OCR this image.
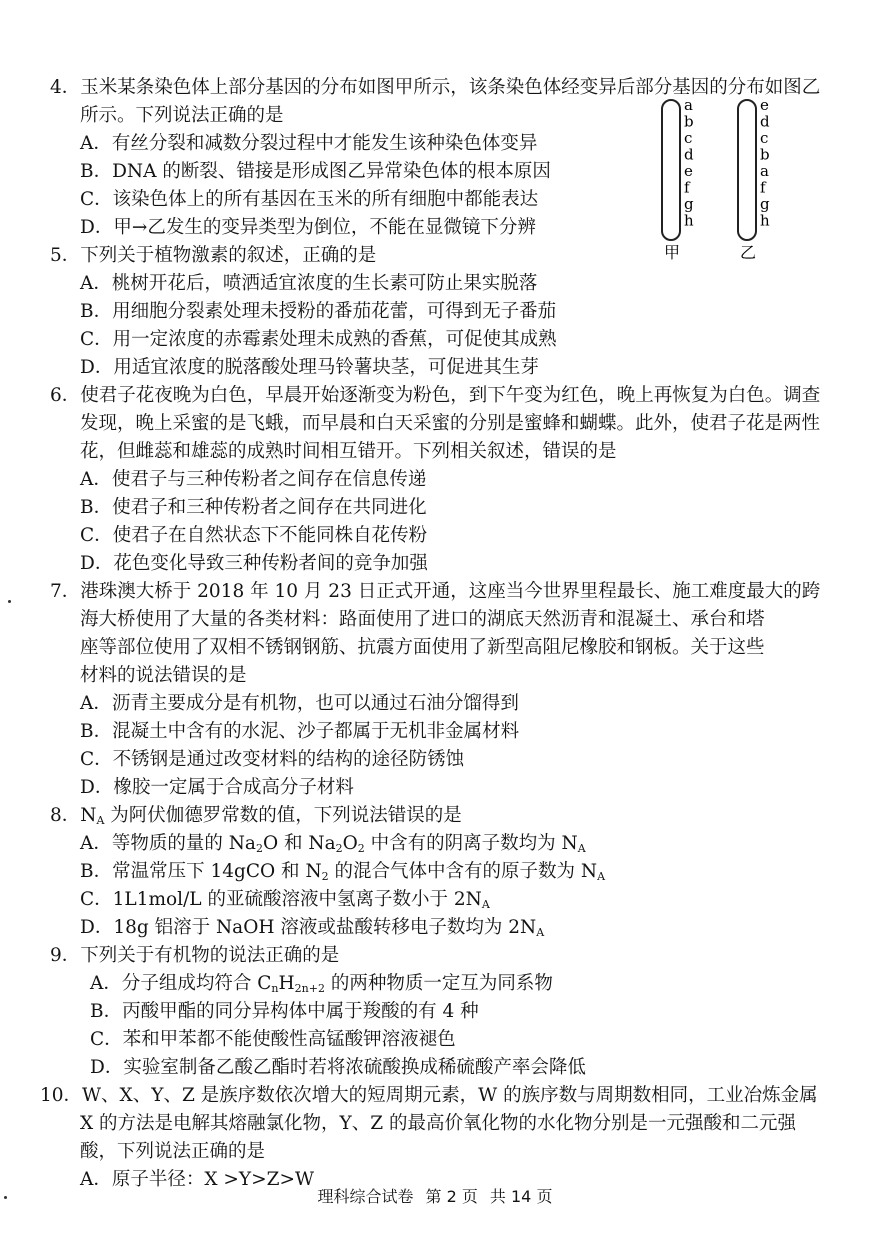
4．玉米某条染色体上部分基因的分布如图甲所示，该条染色体经变异后部分基因的分布如图乙
所示。下列说法正确的是
A．有丝分裂和减数分裂过程中才能发生该种染色体变异
B．DNA 的断裂、错接是形成图乙异常染色体的根本原因
C．该染色体上的所有基因在玉米的所有细胞中都能表达
D．甲→乙发生的变异类型为倒位，不能在显微镜下分辨
a
b
c
d
e
f
g
h
甲
e
d
c
b
a
f
g
h
乙
5．下列关于植物激素的叙述，正确的是
A．桃树开花后，喷洒适宜浓度的生长素可防止果实脱落
B．用细胞分裂素处理未授粉的番茄花蕾，可得到无子番茄
C．用一定浓度的赤霉素处理未成熟的香蕉，可促使其成熟
D．用适宜浓度的脱落酸处理马铃薯块茎，可促进其生芽
6．使君子花夜晚为白色，早晨开始逐渐变为粉色，到下午变为红色，晚上再恢复为白色。调查
发现，晚上采蜜的是飞蛾，而早晨和白天采蜜的分别是蜜蜂和蝴蝶。此外，使君子花是两性
花，但雌蕊和雄蕊的成熟时间相互错开。下列相关叙述，错误的是
A．使君子与三种传粉者之间存在信息传递
B．使君子和三种传粉者之间存在共同进化
C．使君子在自然状态下不能同株自花传粉
D．花色变化导致三种传粉者间的竞争加强
7．港珠澳大桥于 2018 年 10 月 23 日正式开通，这座当今世界里程最长、施工难度最大的跨
海大桥使用了大量的各类材料：路面使用了进口的湖底天然沥青和混凝土、承台和塔
座等部位使用了双相不锈钢钢筋、抗震方面使用了新型高阻尼橡胶和钢板。关于这些
材料的说法错误的是
A．沥青主要成分是有机物，也可以通过石油分馏得到
B．混凝土中含有的水泥、沙子都属于无机非金属材料
C．不锈钢是通过改变材料的结构的途径防锈蚀
D．橡胶一定属于合成高分子材料
8．$N_A$ 为阿伏伽德罗常数的值，下列说法错误的是
A．等物质的量的 $Na_2O$ 和 $Na_2O_2$ 中含有的阴离子数均为 $N_A$
B．常温常压下 14gCO 和 $N_2$ 的混合气体中含有的原子数为 $N_A$
C．1L1mol/L 的亚硫酸溶液中氢离子数小于 $2N_A$
D．18g 铝溶于 NaOH 溶液或盐酸转移电子数均为 $2N_A$
9．下列关于有机物的说法正确的是
A．分子组成均符合 $C_nH_{2n+2}$ 的两种物质一定互为同系物
B．丙酸甲酯的同分异构体中属于羧酸的有 4 种
C．苯和甲苯都不能使酸性高锰酸钾溶液褪色
D．实验室制备乙酸乙酯时若将浓硫酸换成稀硫酸产率会降低
10．W、X、Y、Z 是族序数依次增大的短周期元素，W 的族序数与周期数相同，工业冶炼金属
X 的方法是电解其熔融氯化物，Y、Z 的最高价氧化物的水化物分别是一元强酸和二元强
酸，下列说法正确的是
A．原子半径：X >Y>Z>W
理科综合试卷 第 2 页 共 14 页
